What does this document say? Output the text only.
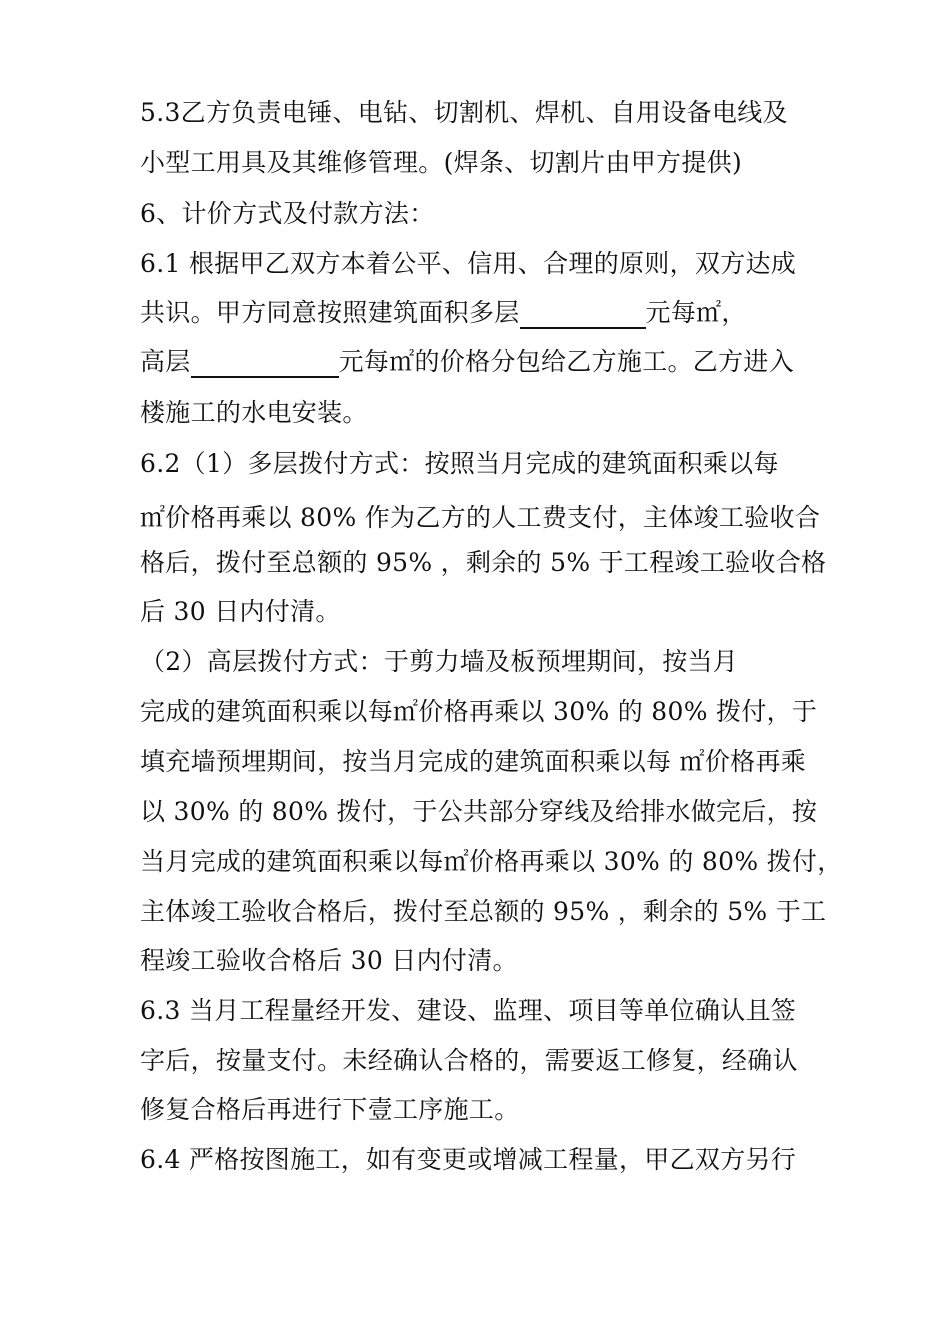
5.3乙方负责电锤、电钻、切割机、焊机、自用设备电线及
小型工用具及其维修管理。(焊条、切割片由甲方提供)
6、计价方式及付款方法：
6.1 根据甲乙双方本着公平、信用、合理的原则，双方达成
共识。甲方同意按照建筑面积多层	元每㎡，
高层	元每㎡的价格分包给乙方施工。乙方进入
楼施工的水电安装。
6.2（1）多层拨付方式：按照当月完成的建筑面积乘以每
㎡价格再乘以 80% 作为乙方的人工费支付，主体竣工验收合
格后，拨付至总额的 95% ，剩余的 5% 于工程竣工验收合格
后 30 日内付清。
（2）高层拨付方式：于剪力墙及板预埋期间，按当月
完成的建筑面积乘以每㎡价格再乘以 30% 的 80% 拨付，于
填充墙预埋期间，按当月完成的建筑面积乘以每 ㎡价格再乘
以 30% 的 80% 拨付，于公共部分穿线及给排水做完后，按
当月完成的建筑面积乘以每㎡价格再乘以 30% 的 80% 拨付，
主体竣工验收合格后，拨付至总额的 95% ，剩余的 5% 于工
程竣工验收合格后 30 日内付清。
6.3 当月工程量经开发、建设、监理、项目等单位确认且签
字后，按量支付。未经确认合格的，需要返工修复，经确认
修复合格后再进行下壹工序施工。
6.4 严格按图施工，如有变更或增减工程量，甲乙双方另行
